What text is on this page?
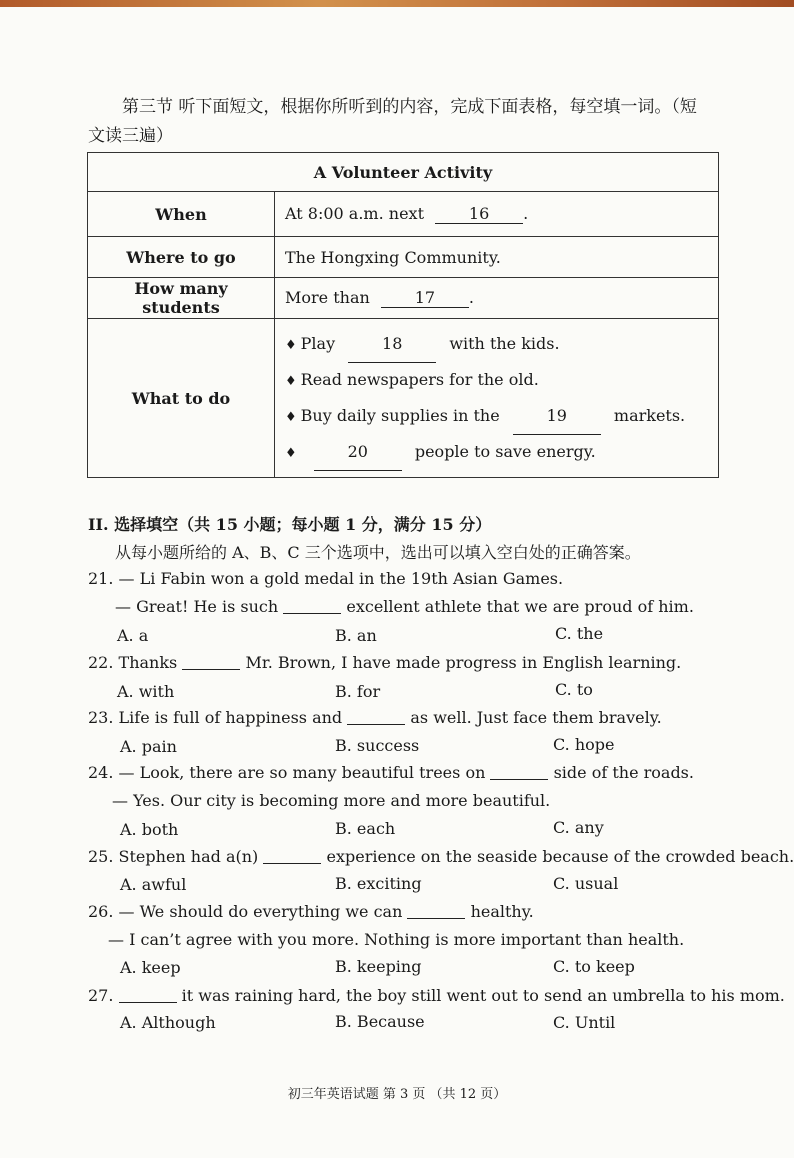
第三节 听下面短文，根据你所听到的内容，完成下面表格，每空填一词。（短
文读三遍）
A Volunteer Activity	
When	At 8:00 a.m. next 16 .
Where to go	The Hongxing Community.
How many students	More than 17 .
What to do	♦ Play 18 with the kids.
♦ Read newspapers for the old.
♦ Buy daily supplies in the 19 markets.
♦ 20 people to save energy.
II. 选择填空（共 15 小题；每小题 1 分，满分 15 分）
从每小题所给的 A、B、C 三个选项中，选出可以填入空白处的正确答案。
21. — Li Fabin won a gold medal in the 19th Asian Games.
— Great! He is such	excellent athlete that we are proud of him.
A. a	B. an	C. the
22. Thanks	Mr. Brown, I have made progress in English learning.
A. with	B. for	C. to
23. Life is full of happiness and	as well. Just face them bravely.
A. pain	B. success	C. hope
24. — Look, there are so many beautiful trees on	side of the roads.
— Yes. Our city is becoming more and more beautiful.
A. both	B. each	C. any
25. Stephen had a(n)	experience on the seaside because of the crowded beach.
A. awful	B. exciting	C. usual
26. — We should do everything we can	healthy.
— I can’t agree with you more. Nothing is more important than health.
A. keep	B. keeping	C. to keep
27.	it was raining hard, the boy still went out to send an umbrella to his mom.
A. Although	B. Because	C. Until
初三年英语试题 第 3 页 （共 12 页）
